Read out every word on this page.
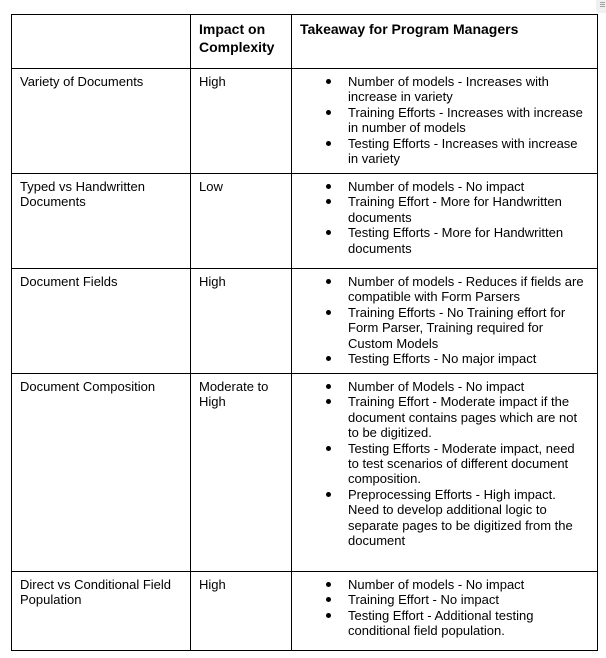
	Impact on Complexity	Takeaway for Program Managers
Variety of Documents	High	Number of models - Increases with increase in variety
Training Efforts - Increases with increase in number of models
Testing Efforts - Increases with increase in variety

Typed vs Handwritten Documents	Low	Number of models - No impact
Training Effort - More for Handwritten documents
Testing Efforts - More for Handwritten documents

Document Fields	High	Number of models - Reduces if fields are compatible with Form Parsers
Training Efforts - No Training effort for Form Parser, Training required for Custom Models
Testing Efforts - No major impact

Document Composition	Moderate to High	
Number of Models - No impact
Training Effort - Moderate impact if the document contains pages which are not to be digitized.
Testing Efforts - Moderate impact, need to test scenarios of different document composition.
Preprocessing Efforts - High impact. Need to develop additional logic to separate pages to be digitized from the document

Direct vs Conditional Field Population	High	Number of models - No impact
Training Effort - No impact
Testing Effort - Additional testing conditional field population.
